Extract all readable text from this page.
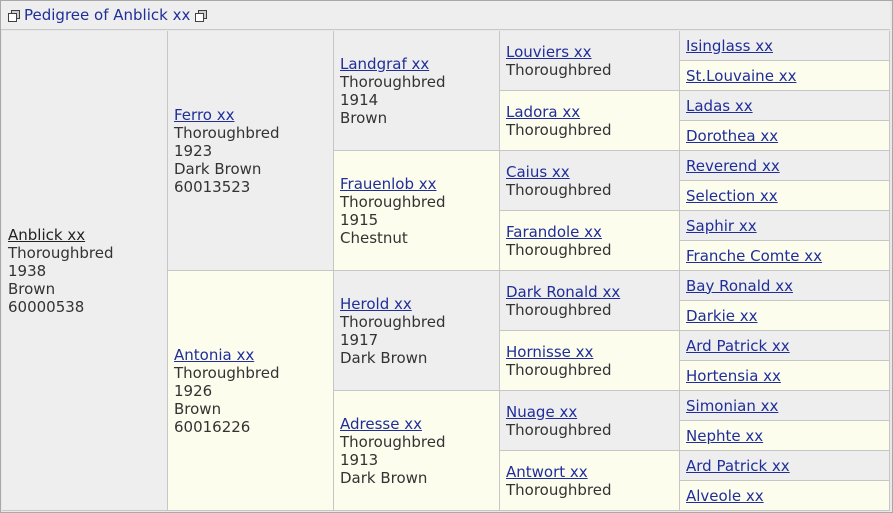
Pedigree of Anblick xx
Anblick xx
Thoroughbred
1938
Brown
60000538
Ferro xx
Thoroughbred
1923
Dark Brown
60013523
Antonia xx
Thoroughbred
1926
Brown
60016226
Landgraf xx
Thoroughbred
1914
Brown
Frauenlob xx
Thoroughbred
1915
Chestnut
Herold xx
Thoroughbred
1917
Dark Brown
Adresse xx
Thoroughbred
1913
Dark Brown
Louviers xx
Thoroughbred
Ladora xx
Thoroughbred
Caius xx
Thoroughbred
Farandole xx
Thoroughbred
Dark Ronald xx
Thoroughbred
Hornisse xx
Thoroughbred
Nuage xx
Thoroughbred
Antwort xx
Thoroughbred
Isinglass xx
St.Louvaine xx
Ladas xx
Dorothea xx
Reverend xx
Selection xx
Saphir xx
Franche Comte xx
Bay Ronald xx
Darkie xx
Ard Patrick xx
Hortensia xx
Simonian xx
Nephte xx
Ard Patrick xx
Alveole xx
